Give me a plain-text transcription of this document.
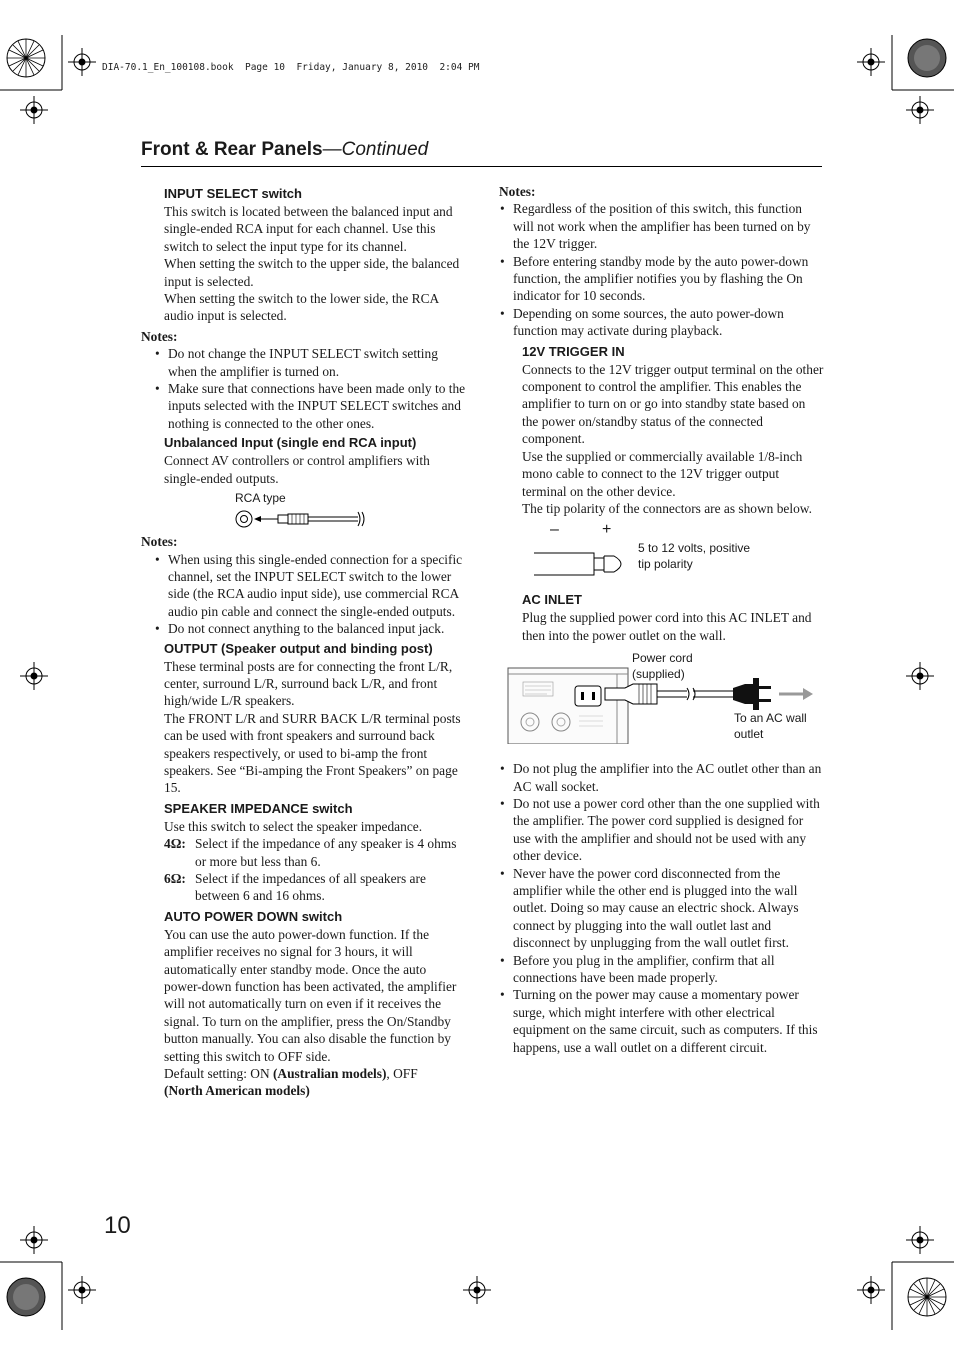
DIA-70.1_En_100108.book  Page 10  Friday, January 8, 2010  2:04 PM
Front & Rear Panels—Continued
INPUT SELECT switch

This switch is located between the balanced input and single-ended RCA input for each channel. Use this switch to select the input type for its channel.

When setting the switch to the upper side, the balanced input is selected.

When setting the switch to the lower side, the RCA audio input is selected.

Notes:

• Do not change the INPUT SELECT switch setting when the amplifier is turned on.
• Make sure that connections have been made only to the inputs selected with the INPUT SELECT switches and nothing is connected to the other ones.
Unbalanced Input (single end RCA input)

Connect AV controllers or control amplifiers with single-ended outputs.

RCA type

Notes:

• When using this single-ended connection for a specific channel, set the INPUT SELECT switch to the lower side (the RCA audio input side), use commercial RCA audio pin cable and connect the single-ended outputs.
• Do not connect anything to the balanced input jack.
OUTPUT (Speaker output and binding post)

These terminal posts are for connecting the front L/R, center, surround L/R, surround back L/R, and front high/wide L/R speakers.

The FRONT L/R and SURR BACK L/R terminal posts can be used with front speakers and surround back speakers respectively, or used to bi-amp the front speakers. See “Bi-amping the Front Speakers” on page 15.

SPEAKER IMPEDANCE switch

Use this switch to select the speaker impedance.

4Ω: Select if the impedance of any speaker is 4 ohms or more but less than 6.
6Ω: Select if the impedances of all speakers are between 6 and 16 ohms.
AUTO POWER DOWN switch

You can use the auto power-down function. If the amplifier receives no signal for 3 hours, it will automatically enter standby mode. Once the auto power-down function has been activated, the amplifier will not automatically turn on even if it receives the signal. To turn on the amplifier, press the On/Standby button manually. You can also disable the function by setting this switch to OFF side.

Default setting: ON (Australian models), OFF
(North American models)

Notes:

• Regardless of the position of this switch, this function will not work when the amplifier has been turned on by the 12V trigger.
• Before entering standby mode by the auto power-down function, the amplifier notifies you by flashing the On indicator for 10 seconds.
• Depending on some sources, the auto power-down function may activate during playback.
12V TRIGGER IN

Connects to the 12V trigger output terminal on the other component to control the amplifier. This enables the amplifier to turn on or go into standby state based on the power on/standby status of the connected component.

Use the supplied or commercially available 1/8-inch mono cable to connect to the 12V trigger output terminal on the other device.

The tip polarity of the connectors are as shown below.

–	+
5 to 12 volts, positive
tip polarity
AC INLET

Plug the supplied power cord into this AC INLET and then into the power outlet on the wall.

Power cord
(supplied)
To an AC wall
outlet
• Do not plug the amplifier into the AC outlet other than an AC wall socket.
• Do not use a power cord other than the one supplied with the amplifier. The power cord supplied is designed for use with the amplifier and should not be used with any other device.
• Never have the power cord disconnected from the amplifier while the other end is plugged into the wall outlet. Doing so may cause an electric shock. Always connect by plugging into the wall outlet last and disconnect by unplugging from the wall outlet first.
• Before you plug in the amplifier, confirm that all connections have been made properly.
• Turning on the power may cause a momentary power surge, which might interfere with other electrical equipment on the same circuit, such as computers. If this happens, use a wall outlet on a different circuit.
10
